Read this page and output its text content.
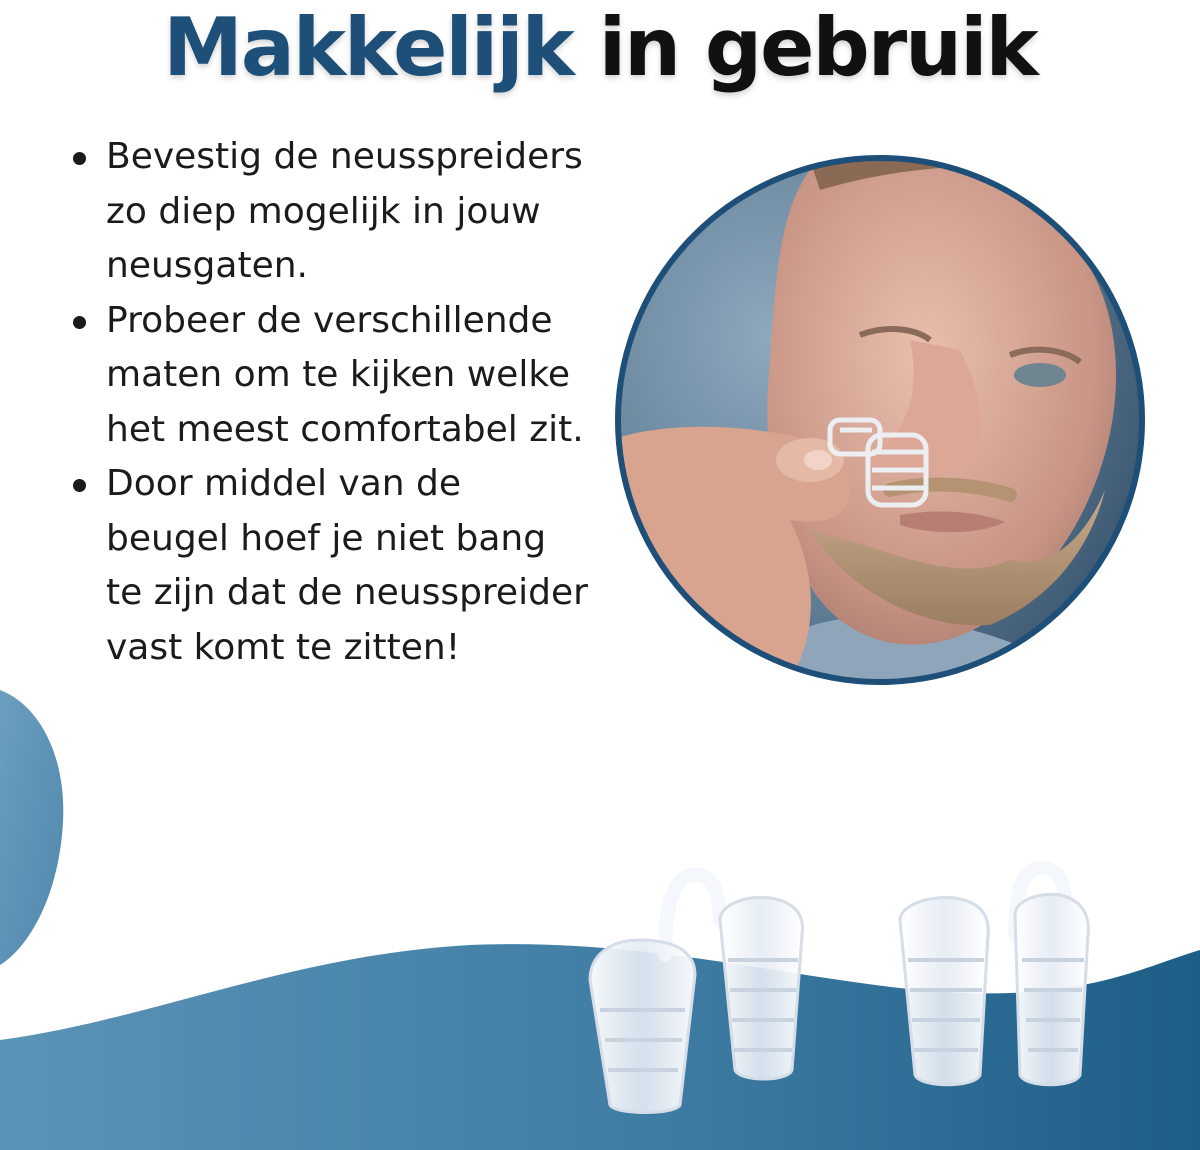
Makkelijk in gebruik
Bevestig de neusspreiders zo diep mogelijk in jouw neusgaten.
Probeer de verschillende maten om te kijken welke het meest comfortabel zit.
Door middel van de beugel hoef je niet bang te zijn dat de neusspreider vast komt te zitten!
